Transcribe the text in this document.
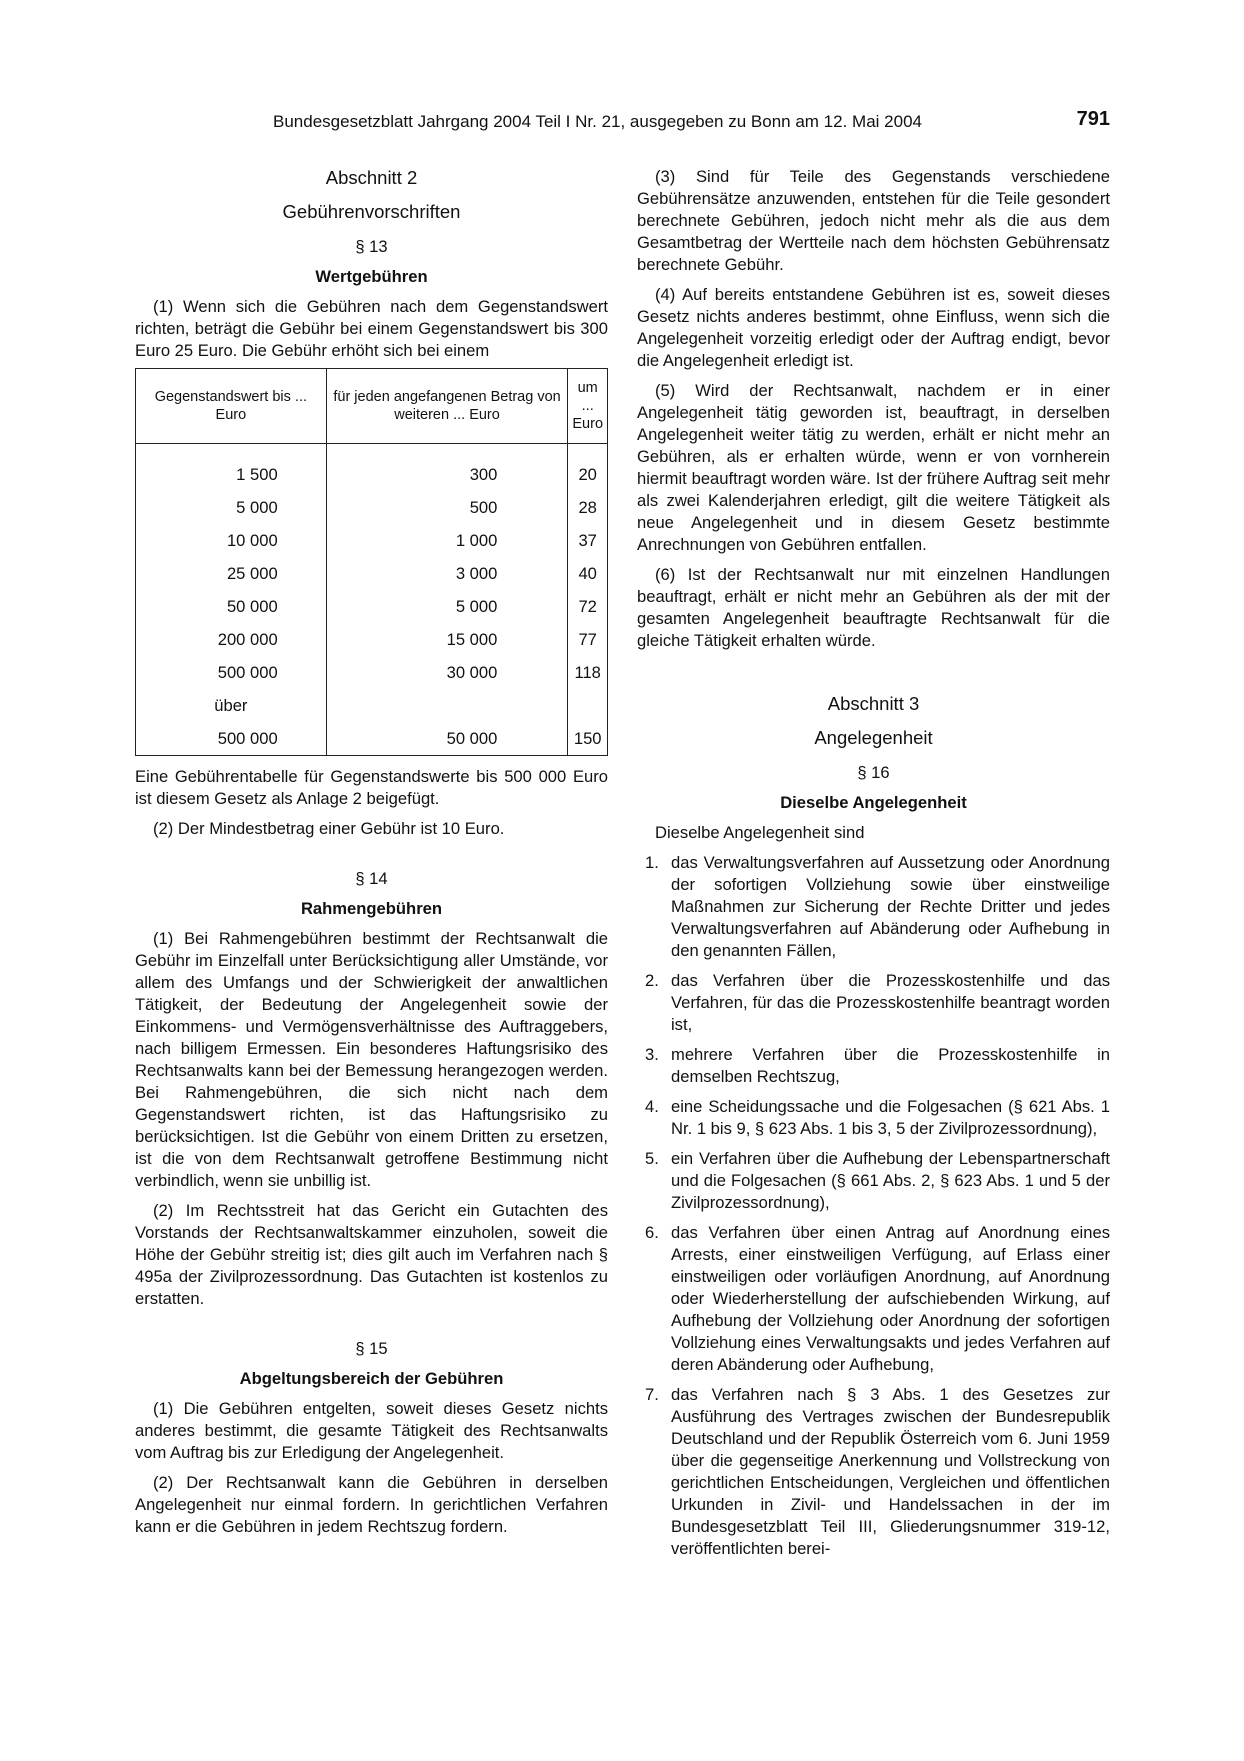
Bundesgesetzblatt Jahrgang 2004 Teil I Nr. 21, ausgegeben zu Bonn am 12. Mai 2004	791
Abschnitt 2
Gebührenvorschriften
§ 13
Wertgebühren

(1) Wenn sich die Gebühren nach dem Gegenstandswert richten, beträgt die Gebühr bei einem Gegenstandswert bis 300 Euro 25 Euro. Die Gebühr erhöht sich bei einem

Gegenstandswert bis ... Euro	für jeden angefangenen Betrag von weiteren ... Euro	um ... Euro
1 500	300	20
5 000	500	28
10 000	1 000	37
25 000	3 000	40
50 000	5 000	72
200 000	15 000	77
500 000	30 000	118
über		
500 000	50 000	150

Eine Gebührentabelle für Gegenstandswerte bis 500 000 Euro ist diesem Gesetz als Anlage 2 beigefügt.

(2) Der Mindestbetrag einer Gebühr ist 10 Euro.

§ 14
Rahmengebühren

(1) Bei Rahmengebühren bestimmt der Rechtsanwalt die Gebühr im Einzelfall unter Berücksichtigung aller Umstände, vor allem des Umfangs und der Schwierigkeit der anwaltlichen Tätigkeit, der Bedeutung der Angelegenheit sowie der Einkommens- und Vermögensverhältnisse des Auftraggebers, nach billigem Ermessen. Ein besonderes Haftungsrisiko des Rechtsanwalts kann bei der Bemessung herangezogen werden. Bei Rahmengebühren, die sich nicht nach dem Gegenstandswert richten, ist das Haftungsrisiko zu berücksichtigen. Ist die Gebühr von einem Dritten zu ersetzen, ist die von dem Rechtsanwalt getroffene Bestimmung nicht verbindlich, wenn sie unbillig ist.

(2) Im Rechtsstreit hat das Gericht ein Gutachten des Vorstands der Rechtsanwaltskammer einzuholen, soweit die Höhe der Gebühr streitig ist; dies gilt auch im Verfahren nach § 495a der Zivilprozessordnung. Das Gutachten ist kostenlos zu erstatten.

§ 15
Abgeltungsbereich der Gebühren

(1) Die Gebühren entgelten, soweit dieses Gesetz nichts anderes bestimmt, die gesamte Tätigkeit des Rechtsanwalts vom Auftrag bis zur Erledigung der Angelegenheit.

(2) Der Rechtsanwalt kann die Gebühren in derselben Angelegenheit nur einmal fordern. In gerichtlichen Verfahren kann er die Gebühren in jedem Rechtszug fordern.

(3) Sind für Teile des Gegenstands verschiedene Gebührensätze anzuwenden, entstehen für die Teile gesondert berechnete Gebühren, jedoch nicht mehr als die aus dem Gesamtbetrag der Wertteile nach dem höchsten Gebührensatz berechnete Gebühr.

(4) Auf bereits entstandene Gebühren ist es, soweit dieses Gesetz nichts anderes bestimmt, ohne Einfluss, wenn sich die Angelegenheit vorzeitig erledigt oder der Auftrag endigt, bevor die Angelegenheit erledigt ist.

(5) Wird der Rechtsanwalt, nachdem er in einer Angelegenheit tätig geworden ist, beauftragt, in derselben Angelegenheit weiter tätig zu werden, erhält er nicht mehr an Gebühren, als er erhalten würde, wenn er von vornherein hiermit beauftragt worden wäre. Ist der frühere Auftrag seit mehr als zwei Kalenderjahren erledigt, gilt die weitere Tätigkeit als neue Angelegenheit und in diesem Gesetz bestimmte Anrechnungen von Gebühren entfallen.

(6) Ist der Rechtsanwalt nur mit einzelnen Handlungen beauftragt, erhält er nicht mehr an Gebühren als der mit der gesamten Angelegenheit beauftragte Rechtsanwalt für die gleiche Tätigkeit erhalten würde.

Abschnitt 3
Angelegenheit
§ 16
Dieselbe Angelegenheit

Dieselbe Angelegenheit sind

1. das Verwaltungsverfahren auf Aussetzung oder Anordnung der sofortigen Vollziehung sowie über einstweilige Maßnahmen zur Sicherung der Rechte Dritter und jedes Verwaltungsverfahren auf Abänderung oder Aufhebung in den genannten Fällen,
2. das Verfahren über die Prozesskostenhilfe und das Verfahren, für das die Prozesskostenhilfe beantragt worden ist,
3. mehrere Verfahren über die Prozesskostenhilfe in demselben Rechtszug,
4. eine Scheidungssache und die Folgesachen (§ 621 Abs. 1 Nr. 1 bis 9, § 623 Abs. 1 bis 3, 5 der Zivilprozessordnung),
5. ein Verfahren über die Aufhebung der Lebenspartnerschaft und die Folgesachen (§ 661 Abs. 2, § 623 Abs. 1 und 5 der Zivilprozessordnung),
6. das Verfahren über einen Antrag auf Anordnung eines Arrests, einer einstweiligen Verfügung, auf Erlass einer einstweiligen oder vorläufigen Anordnung, auf Anordnung oder Wiederherstellung der aufschiebenden Wirkung, auf Aufhebung der Vollziehung oder Anordnung der sofortigen Vollziehung eines Verwaltungsakts und jedes Verfahren auf deren Abänderung oder Aufhebung,
7. das Verfahren nach § 3 Abs. 1 des Gesetzes zur Ausführung des Vertrages zwischen der Bundesrepublik Deutschland und der Republik Österreich vom 6. Juni 1959 über die gegenseitige Anerkennung und Vollstreckung von gerichtlichen Entscheidungen, Vergleichen und öffentlichen Urkunden in Zivil- und Handelssachen in der im Bundesgesetzblatt Teil III, Gliederungsnummer 319-12, veröffentlichten berei-
